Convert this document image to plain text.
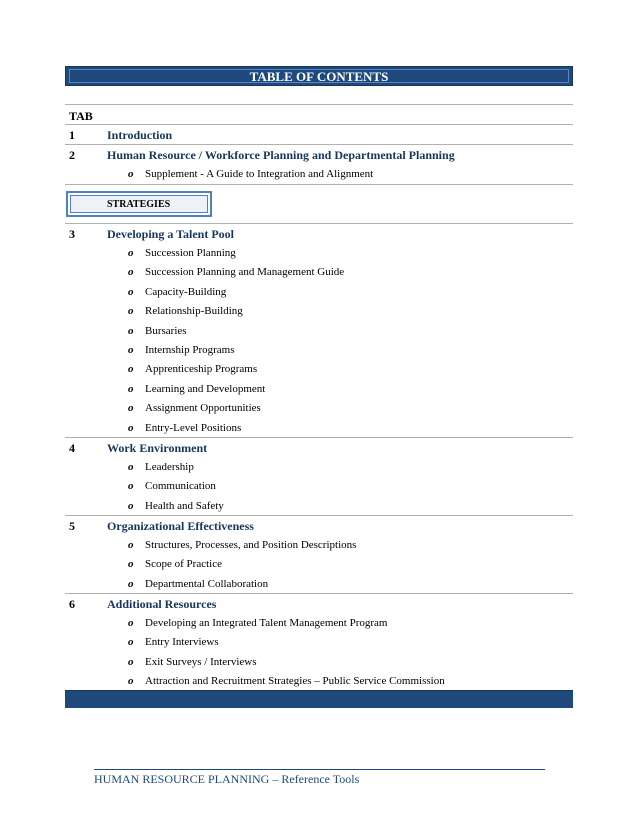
TABLE OF CONTENTS
TAB
1	Introduction
2	Human Resource / Workforce Planning and Departmental Planning
o Supplement - A Guide to Integration and Alignment
STRATEGIES
3	Developing a Talent Pool
o Succession Planning
o Succession Planning and Management Guide
o Capacity-Building
o Relationship-Building
o Bursaries
o Internship Programs
o Apprenticeship Programs
o Learning and Development
o Assignment Opportunities
o Entry-Level Positions
4	Work Environment
o Leadership
o Communication
o Health and Safety
5	Organizational Effectiveness
o Structures, Processes, and Position Descriptions
o Scope of Practice
o Departmental Collaboration
6	Additional Resources
o Developing an Integrated Talent Management Program
o Entry Interviews
o Exit Surveys / Interviews
o Attraction and Recruitment Strategies – Public Service Commission
HUMAN RESOURCE PLANNING – Reference Tools
